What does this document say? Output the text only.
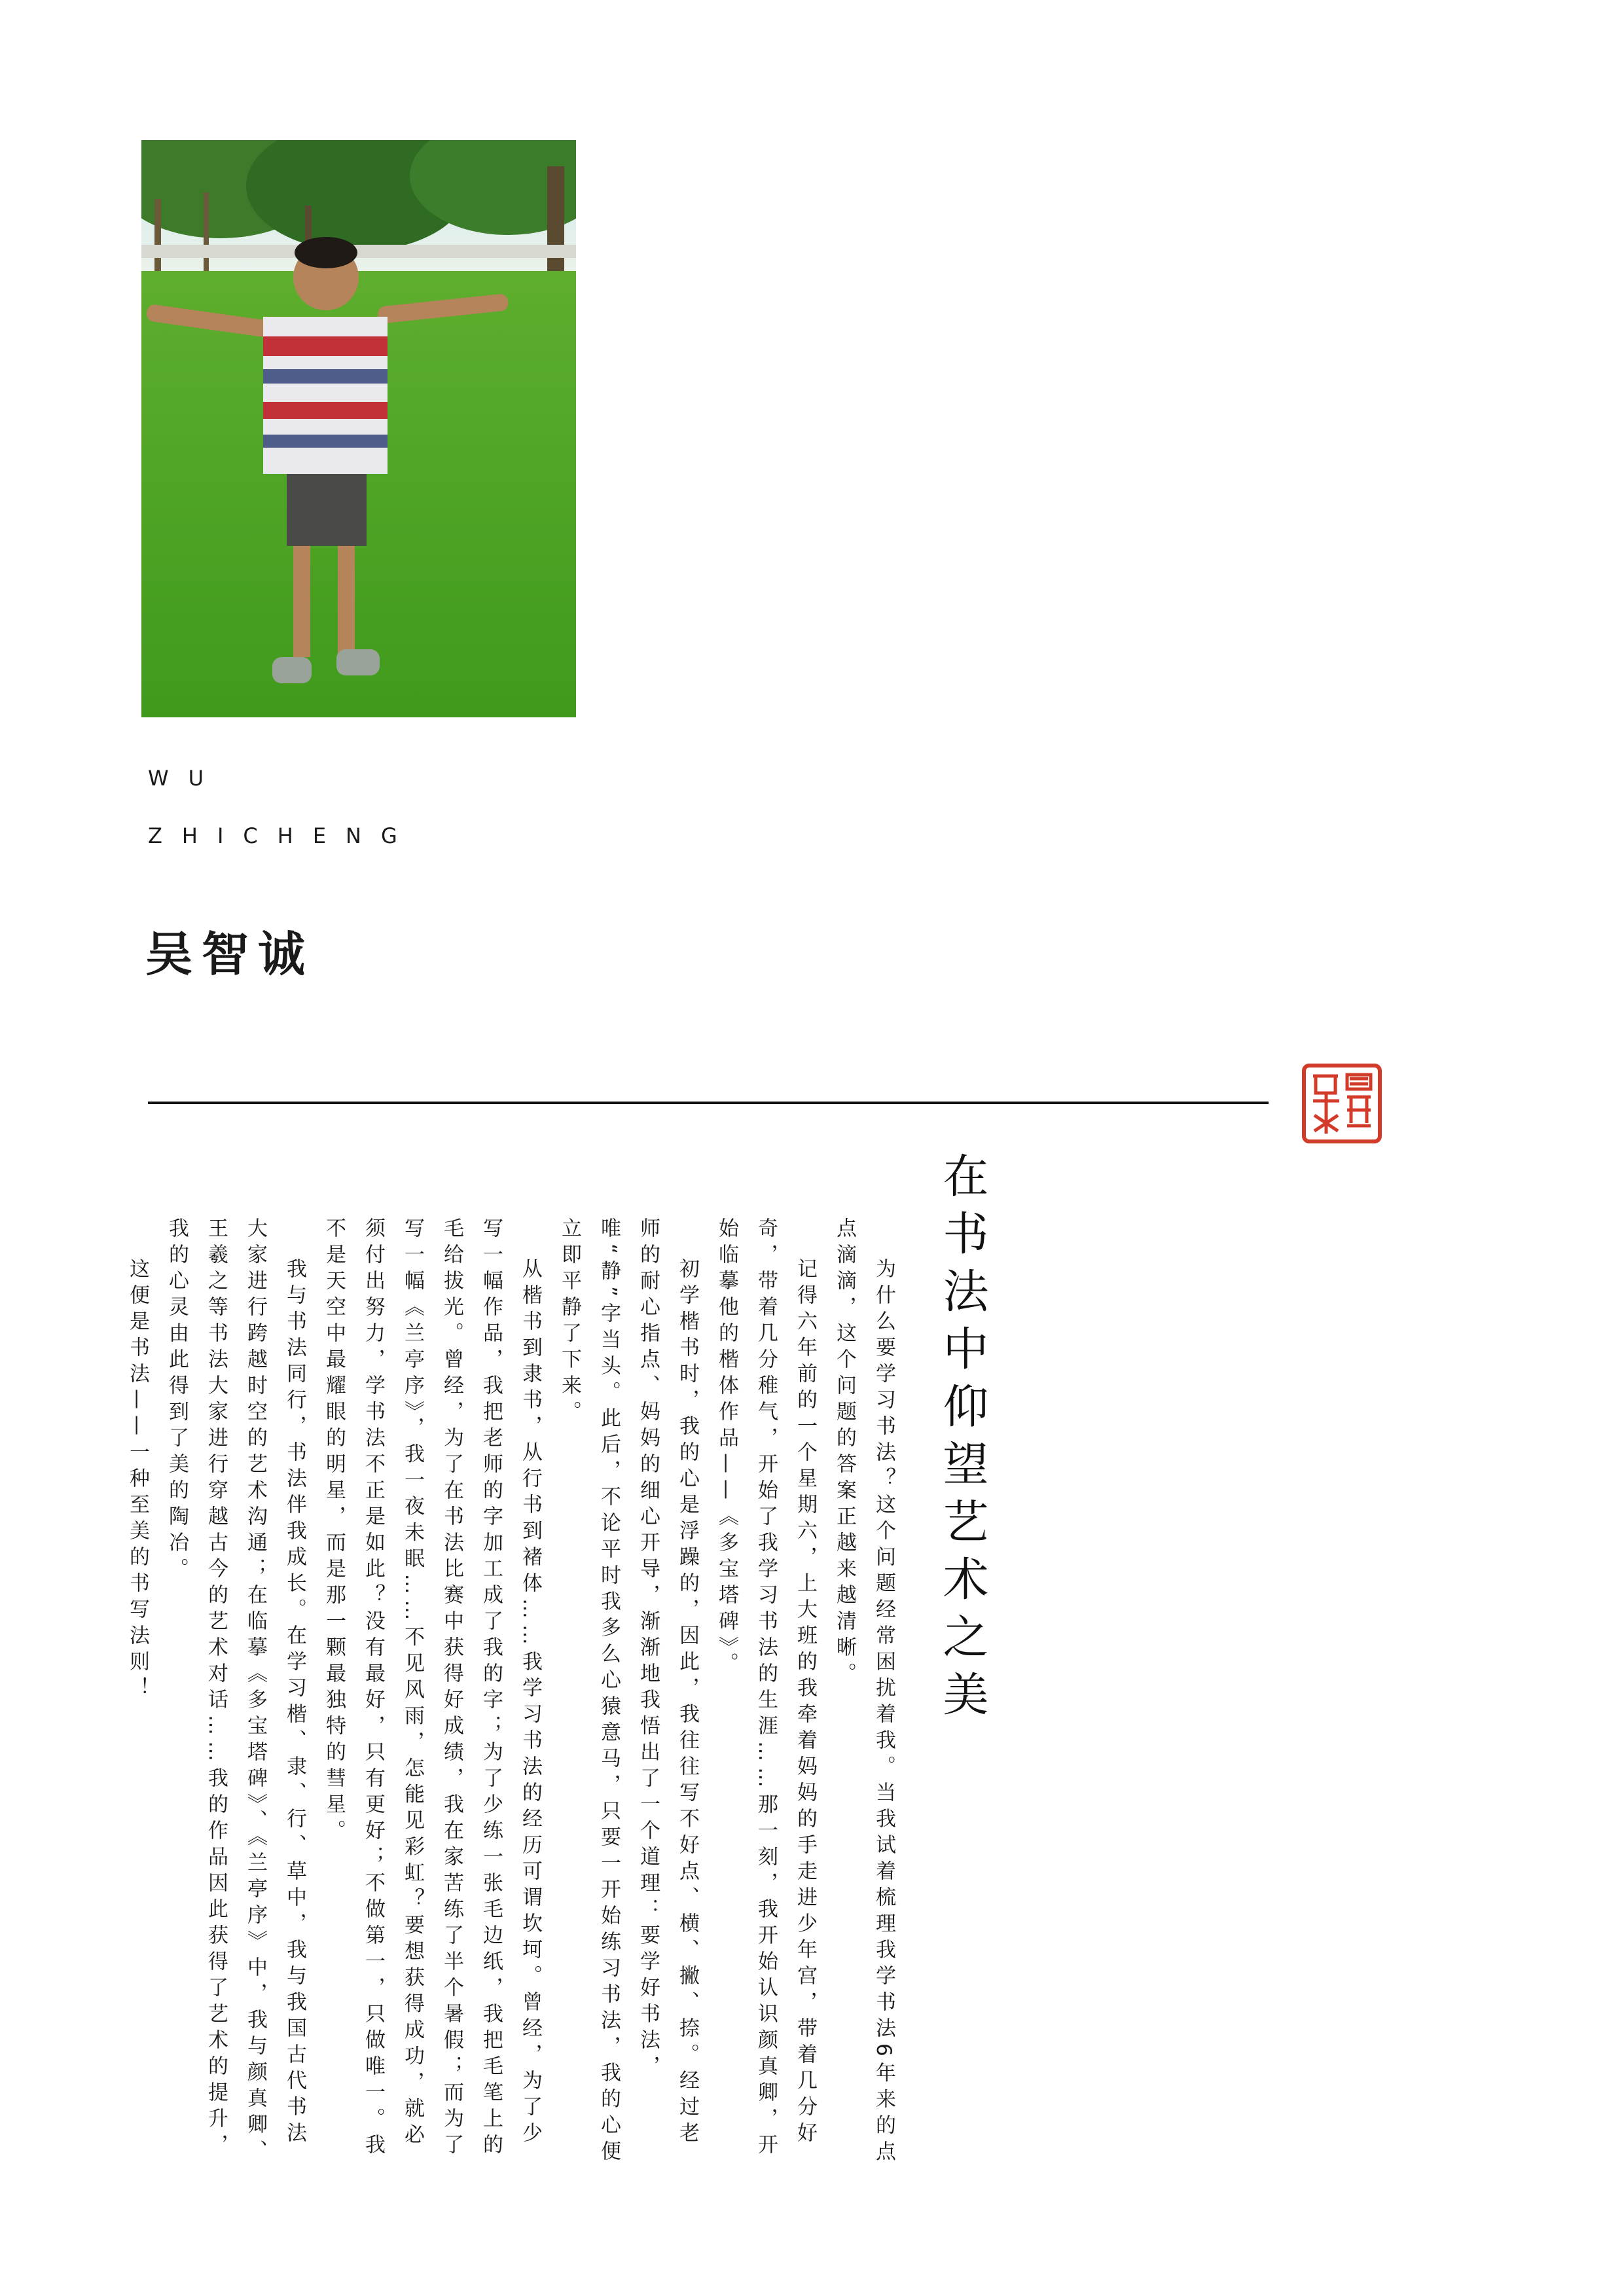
WU
ZHICHENG
吴智诚
在书法中仰望艺术之美

为什么要学习书法？这个问题经常困扰着我。当我试着梳理我学书法6年来的点点滴滴，这个问题的答案正越来越清晰。

记得六年前的一个星期六，上大班的我牵着妈妈的手走进少年宫，带着几分好奇，带着几分稚气，开始了我学习书法的生涯……那一刻，我开始认识颜真卿，开始临摹他的楷体作品——《多宝塔碑》。

初学楷书时，我的心是浮躁的，因此，我往往写不好点、横、撇、捺。经过老师的耐心指点、妈妈的细心开导，渐渐地我悟出了一个道理：要学好书法，唯“静”字当头。此后，不论平时我多么心猿意马，只要一开始练习书法，我的心便立即平静了下来。

从楷书到隶书，从行书到褚体……我学习书法的经历可谓坎坷。曾经，为了少写一幅作品，我把老师的字加工成了我的字；为了少练一张毛边纸，我把毛笔上的毛给拔光。曾经，为了在书法比赛中获得好成绩，我在家苦练了半个暑假；而为了写一幅《兰亭序》，我一夜未眠……不见风雨，怎能见彩虹？要想获得成功，就必须付出努力，学书法不正是如此？没有最好，只有更好；不做第一，只做唯一。我不是天空中最耀眼的明星，而是那一颗最独特的彗星。

我与书法同行，书法伴我成长。在学习楷、隶、行、草中，我与我国古代书法大家进行跨越时空的艺术沟通；在临摹《多宝塔碑》、《兰亭序》中，我与颜真卿、王羲之等书法大家进行穿越古今的艺术对话……我的作品因此获得了艺术的提升，我的心灵由此得到了美的陶冶。

这便是书法——一种至美的书写法则！
